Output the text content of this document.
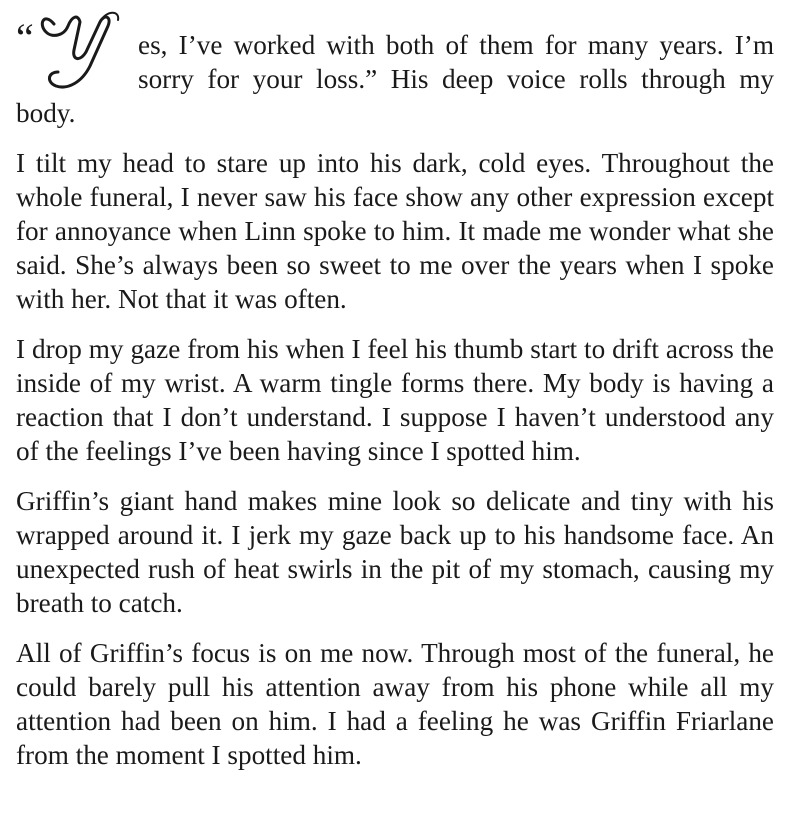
“	es, I’ve worked with both of them for many years. I’m sorry for your loss.” His deep voice rolls through my body.

I tilt my head to stare up into his dark, cold eyes. Throughout the whole funeral, I never saw his face show any other expression except for annoyance when Linn spoke to him. It made me wonder what she said. She’s always been so sweet to me over the years when I spoke with her. Not that it was often.

I drop my gaze from his when I feel his thumb start to drift across the inside of my wrist. A warm tingle forms there. My body is having a reaction that I don’t understand. I suppose I haven’t understood any of the feelings I’ve been having since I spotted him.

Griffin’s giant hand makes mine look so delicate and tiny with his wrapped around it. I jerk my gaze back up to his handsome face. An unexpected rush of heat swirls in the pit of my stomach, causing my breath to catch.

All of Griffin’s focus is on me now. Through most of the funeral, he could barely pull his attention away from his phone while all my attention had been on him. I had a feeling he was Griffin Friarlane from the moment I spotted him.
